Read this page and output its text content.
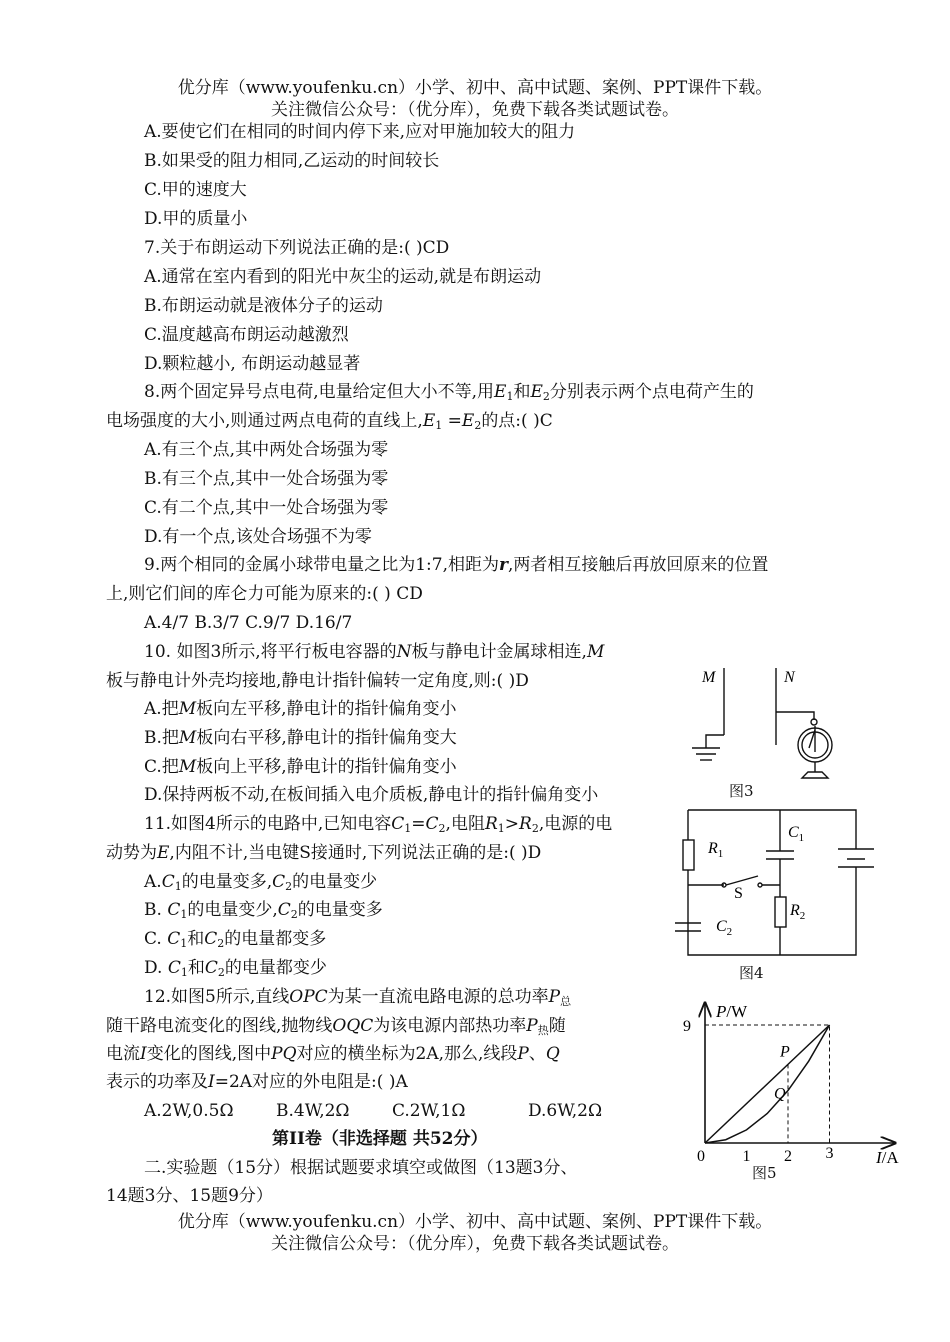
优分库（www.youfenku.cn）小学、初中、高中试题、案例、PPT课件下载。
关注微信公众号：（优分库），免费下载各类试题试卷。
A.要使它们在相同的时间内停下来,应对甲施加较大的阻力
B.如果受的阻力相同,乙运动的时间较长
C.甲的速度大
D.甲的质量小
7.关于布朗运动下列说法正确的是:( )CD
A.通常在室内看到的阳光中灰尘的运动,就是布朗运动
B.布朗运动就是液体分子的运动
C.温度越高布朗运动越激烈
D.颗粒越小, 布朗运动越显著
8.两个固定异号点电荷,电量给定但大小不等,用$E_1$和$E_2$分别表示两个点电荷产生的
电场强度的大小,则通过两点电荷的直线上$,E_1 =E_2$的点:( )C
A.有三个点,其中两处合场强为零
B.有三个点,其中一处合场强为零
C.有二个点,其中一处合场强为零
D.有一个点,该处合场强不为零
9.两个相同的金属小球带电量之比为1:7,相距为r,两者相互接触后再放回原来的位置
上,则它们间的库仑力可能为原来的:( ) CD
A.4/7 B.3/7 C.9/7 D.16/7
10. 如图3所示,将平行板电容器的N板与静电计金属球相连,M
板与静电计外壳均接地,静电计指针偏转一定角度,则:( )D
A.把M板向左平移,静电计的指针偏角变小
B.把M板向右平移,静电计的指针偏角变大
C.把M板向上平移,静电计的指针偏角变小
D.保持两板不动,在板间插入电介质板,静电计的指针偏角变小
11.如图4所示的电路中,已知电容$C_1=C_2$,电阻$R_1>R_2$,电源的电
动势为E,内阻不计,当电键S接通时,下列说法正确的是:( )D
$A.C_1$的电量变多$,C_2$的电量变少
B. $C_1$的电量变少$,C_2$的电量变多
C. $C_1$和$C_2$的电量都变多
D. $C_1$和$C_2$的电量都变少
12.如图5所示,直线OPC为某一直流电路电源的总功率$P_总$
随干路电流变化的图线,抛物线OQC为该电源内部热功率$P_热$随
电流I变化的图线,图中PQ对应的横坐标为2A,那么,线段P、Q
表示的功率及I=2A对应的外电阻是:( )A
A.2W,0.5Ω B.4W,2Ω C.2W,1Ω	D.6W,2Ω
第II卷（非选择题 共52分）
二.实验题（15分）根据试题要求填空或做图（13题3分、
14题3分、15题9分）
优分库（www.youfenku.cn）小学、初中、高中试题、案例、PPT课件下载。
关注微信公众号：（优分库），免费下载各类试题试卷。
M	N
图3
$R_1$
$C_1$
S
$R_2$
$C_2$
图4
P/W
I/A
9
0 1 2 3
P
Q
图5
